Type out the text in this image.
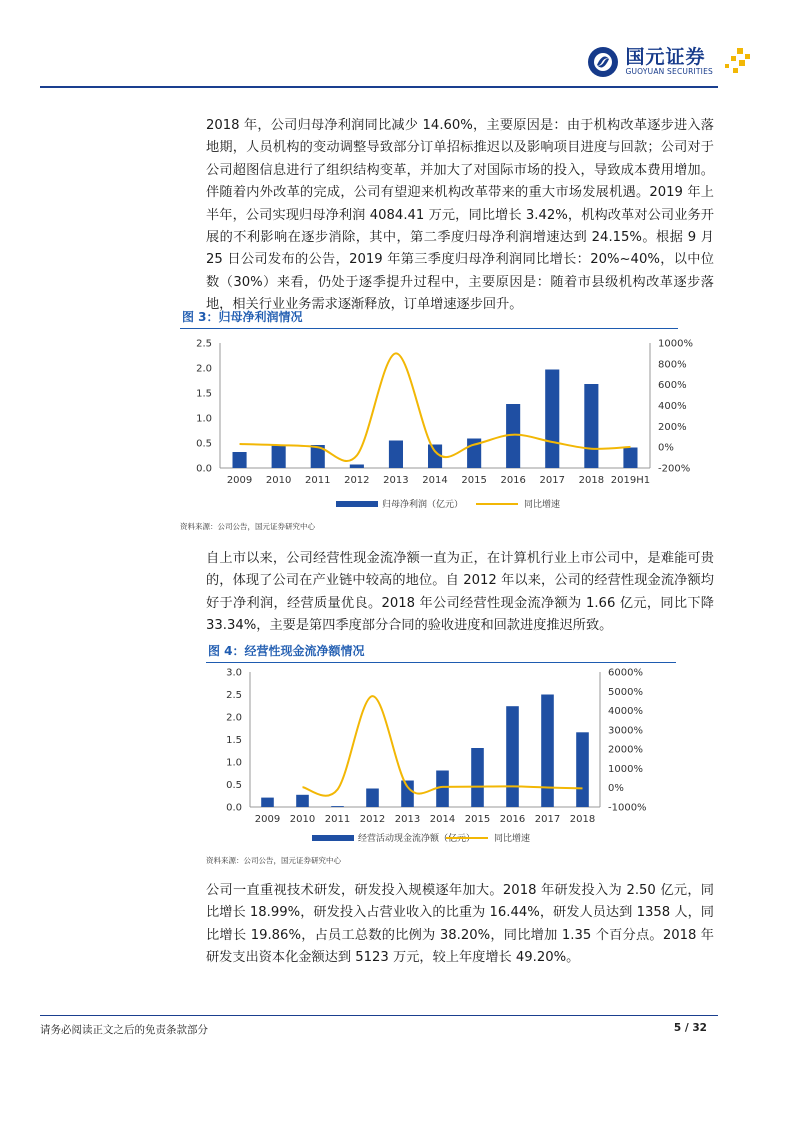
国元证券
GUOYUAN SECURITIES

2018 年，公司归母净利润同比减少 14.60%，主要原因是：由于机构改革逐步进入落地期，人员机构的变动调整导致部分订单招标推迟以及影响项目进度与回款；公司对于公司超图信息进行了组织结构变革，并加大了对国际市场的投入，导致成本费用增加。伴随着内外改革的完成，公司有望迎来机构改革带来的重大市场发展机遇。2019 年上半年，公司实现归母净利润 4084.41 万元，同比增长 3.42%，机构改革对公司业务开展的不利影响在逐步消除，其中，第二季度归母净利润增速达到 24.15%。根据 9 月 25 日公司发布的公告，2019 年第三季度归母净利润同比增长：20%~40%，以中位数（30%）来看，仍处于逐季提升过程中，主要原因是：随着市县级机构改革逐步落地，相关行业业务需求逐渐释放，订单增速逐步回升。

图 3：归母净利润情况
0.0
0.5
1.0
1.5
2.0
2.5
-200%
0%
200%
400%
600%
800%
1000%
2009 2010 2011 2012 2013 2014 2015 2016 2017 2018 2019H1
归母净利润（亿元）	同比增速
资料来源：公司公告，国元证券研究中心

自上市以来，公司经营性现金流净额一直为正，在计算机行业上市公司中，是难能可贵的，体现了公司在产业链中较高的地位。自 2012 年以来，公司的经营性现金流净额均好于净利润，经营质量优良。2018 年公司经营性现金流净额为 1.66 亿元，同比下降 33.34%，主要是第四季度部分合同的验收进度和回款进度推迟所致。

图 4：经营性现金流净额情况
0.0
0.5
1.0
1.5
2.0
2.5
3.0
-1000%
0%
1000%
2000%
3000%
4000%
5000%
6000%
2009 2010 2011 2012 2013 2014 2015 2016 2017 2018
经营活动现金流净额（亿元） 同比增速
资料来源：公司公告，国元证券研究中心

公司一直重视技术研发，研发投入规模逐年加大。2018 年研发投入为 2.50 亿元，同比增长 18.99%，研发投入占营业收入的比重为 16.44%，研发人员达到 1358 人，同比增长 19.86%，占员工总数的比例为 38.20%，同比增加 1.35 个百分点。2018 年研发支出资本化金额达到 5123 万元，较上年度增长 49.20%。

请务必阅读正文之后的免责条款部分	5 / 32
